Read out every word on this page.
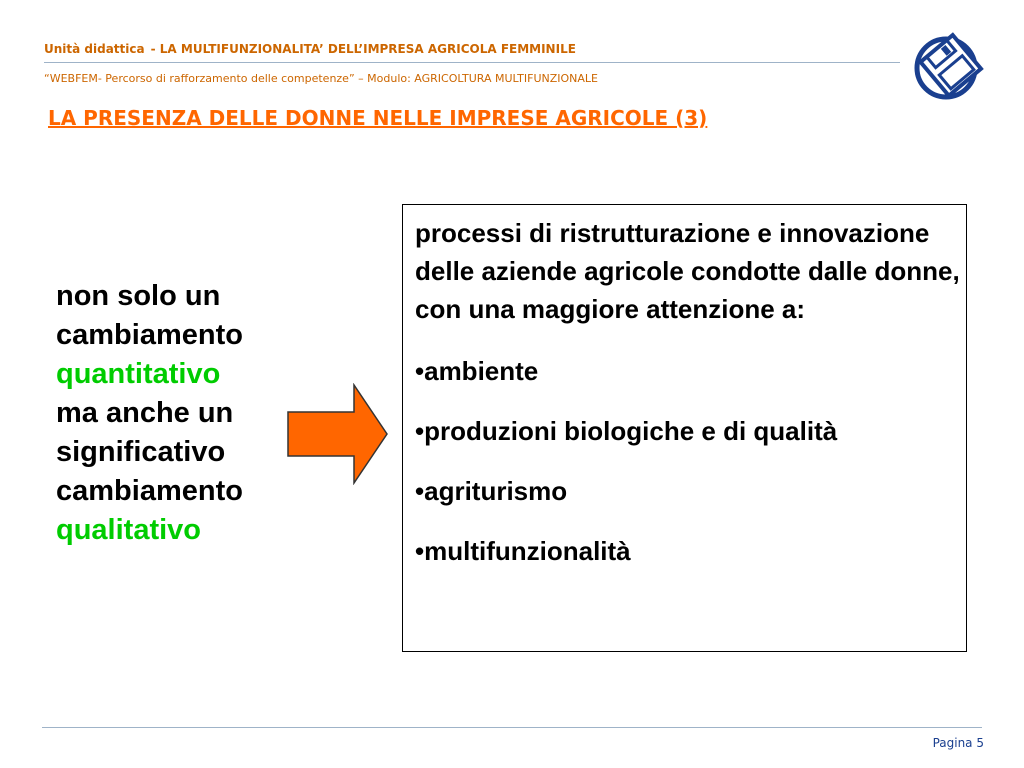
Unità didattica - LA MULTIFUNZIONALITA’ DELL’IMPRESA AGRICOLA FEMMINILE
“WEBFEM- Percorso di rafforzamento delle competenze” – Modulo: AGRICOLTURA MULTIFUNZIONALE
LA PRESENZA DELLE DONNE NELLE IMPRESE AGRICOLE (3)
non solo un
cambiamento
quantitativo
ma anche un
significativo
cambiamento
qualitativo

processi di ristrutturazione e innovazione delle aziende agricole condotte dalle donne, con una maggiore attenzione a:

•ambiente
•produzioni biologiche e di qualità
•agriturismo
•multifunzionalità
Pagina 5
